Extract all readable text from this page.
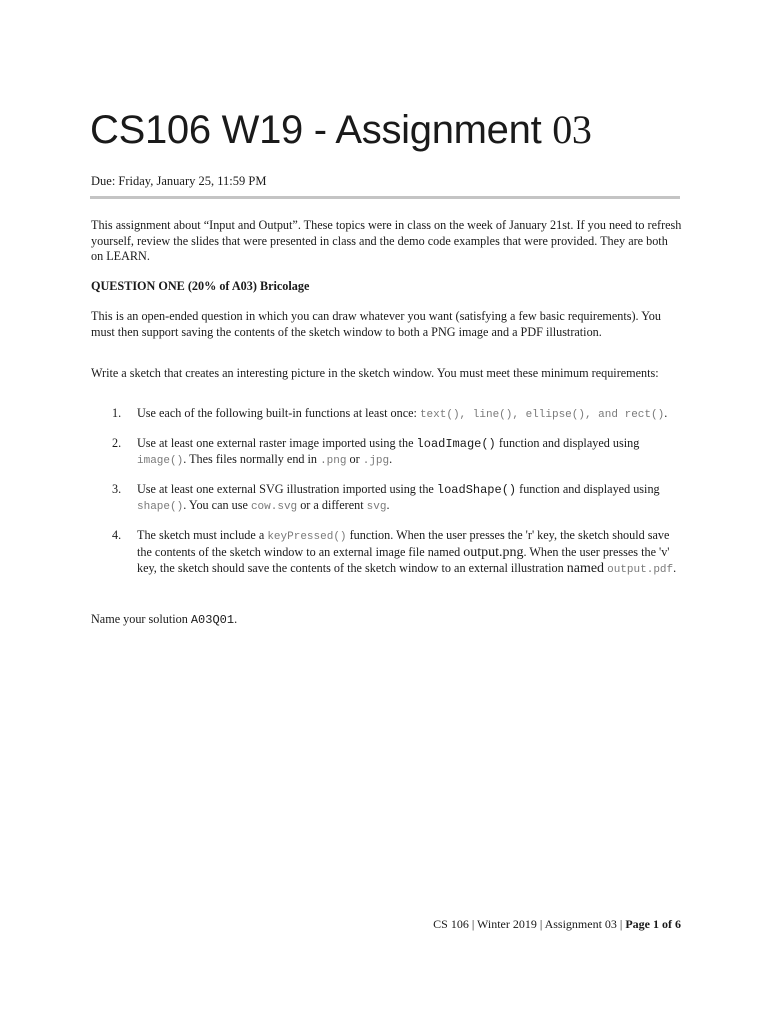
CS106 W19 - Assignment 03
Due: Friday, January 25, 11:59 PM
This assignment about “Input and Output”. These topics were in class on the week of January 21st. If you need to refresh yourself, review the slides that were presented in class and the demo code examples that were provided. They are both on LEARN.
QUESTION ONE (20% of A03) Bricolage
This is an open-ended question in which you can draw whatever you want (satisfying a few basic requirements). You must then support saving the contents of the sketch window to both a PNG image and a PDF illustration.
Write a sketch that creates an interesting picture in the sketch window. You must meet these minimum requirements:
1. Use each of the following built-in functions at least once: text(), line(), ellipse(), and rect().
2. Use at least one external raster image imported using the loadImage() function and displayed using image(). Thes files normally end in .png or .jpg.
3. Use at least one external SVG illustration imported using the loadShape() function and displayed using shape(). You can use cow.svg or a different svg.
4. The sketch must include a keyPressed() function. When the user presses the 'r' key, the sketch should save the contents of the sketch window to an external image file named output.png. When the user presses the 'v' key, the sketch should save the contents of the sketch window to an external illustration named output.pdf.
Name your solution A03Q01.
CS 106 | Winter 2019 | Assignment 03 | Page 1 of 6
